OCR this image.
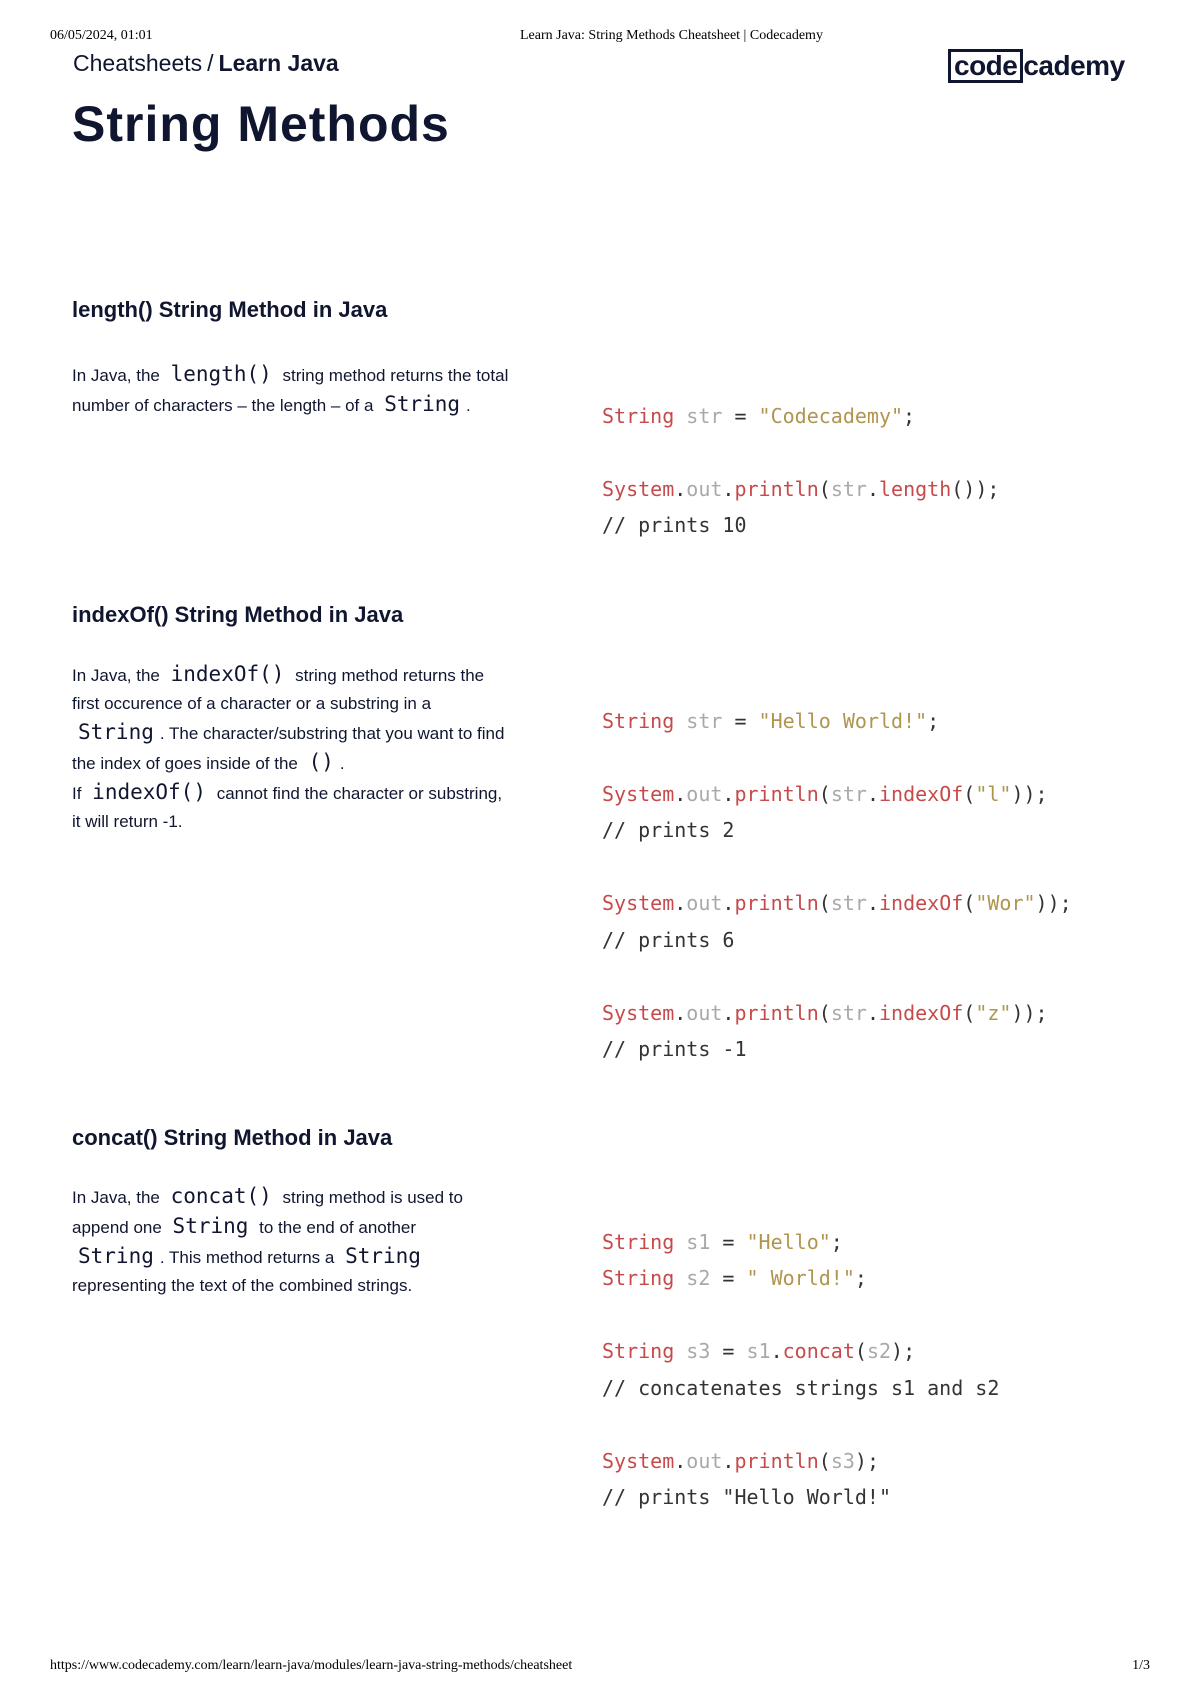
06/05/2024, 01:01	Learn Java: String Methods Cheatsheet | Codecademy
Cheatsheets / Learn Java	code cademy
String Methods
length() String Method in Java
In Java, the length() string method returns the total number of characters – the length – of a String .	String str = "Codecademy";
System.out.println(str.length());
// prints 10

indexOf() String Method in Java
In Java, the indexOf() string method returns the first occurence of a character or a substring in a String . The character/substring that you want to find the index of goes inside of the () .
If indexOf() cannot find the character or substring, it will return -1.

String str = "Hello World!";
System.out.println(str.indexOf("l"));
// prints 2
System.out.println(str.indexOf("Wor"));
// prints 6
System.out.println(str.indexOf("z"));
// prints -1

concat() String Method in Java
In Java, the concat() string method is used to append one String to the end of another String . This method returns a String representing the text of the combined strings.

String s1 = "Hello";
String s2 = " World!";
String s3 = s1.concat(s2);
// concatenates strings s1 and s2
System.out.println(s3);
// prints "Hello World!"

https://www.codecademy.com/learn/learn-java/modules/learn-java-string-methods/cheatsheet	1/3
